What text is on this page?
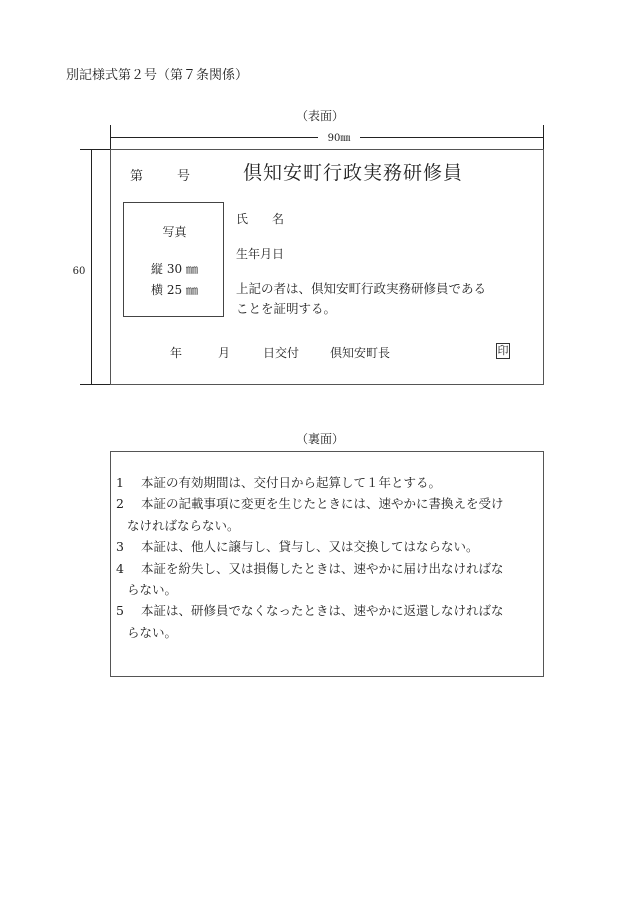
別記様式第２号（第７条関係）
（表面）
90㎜
60
第	号	倶知安町行政実務研修員
写真
縦 30 ㎜
横 25 ㎜
氏　　名
生年月日
上記の者は、倶知安町行政実務研修員である
ことを証明する。
年	月	日交付	倶知安町長	印
（裏面）
1 本証の有効期間は、交付日から起算して１年とする。
2 本証の記載事項に変更を生じたときには、速やかに書換えを受け
なければならない。
3 本証は、他人に譲与し、貸与し、又は交換してはならない。
4 本証を紛失し、又は損傷したときは、速やかに届け出なければな
らない。
5 本証は、研修員でなくなったときは、速やかに返還しなければな
らない。
